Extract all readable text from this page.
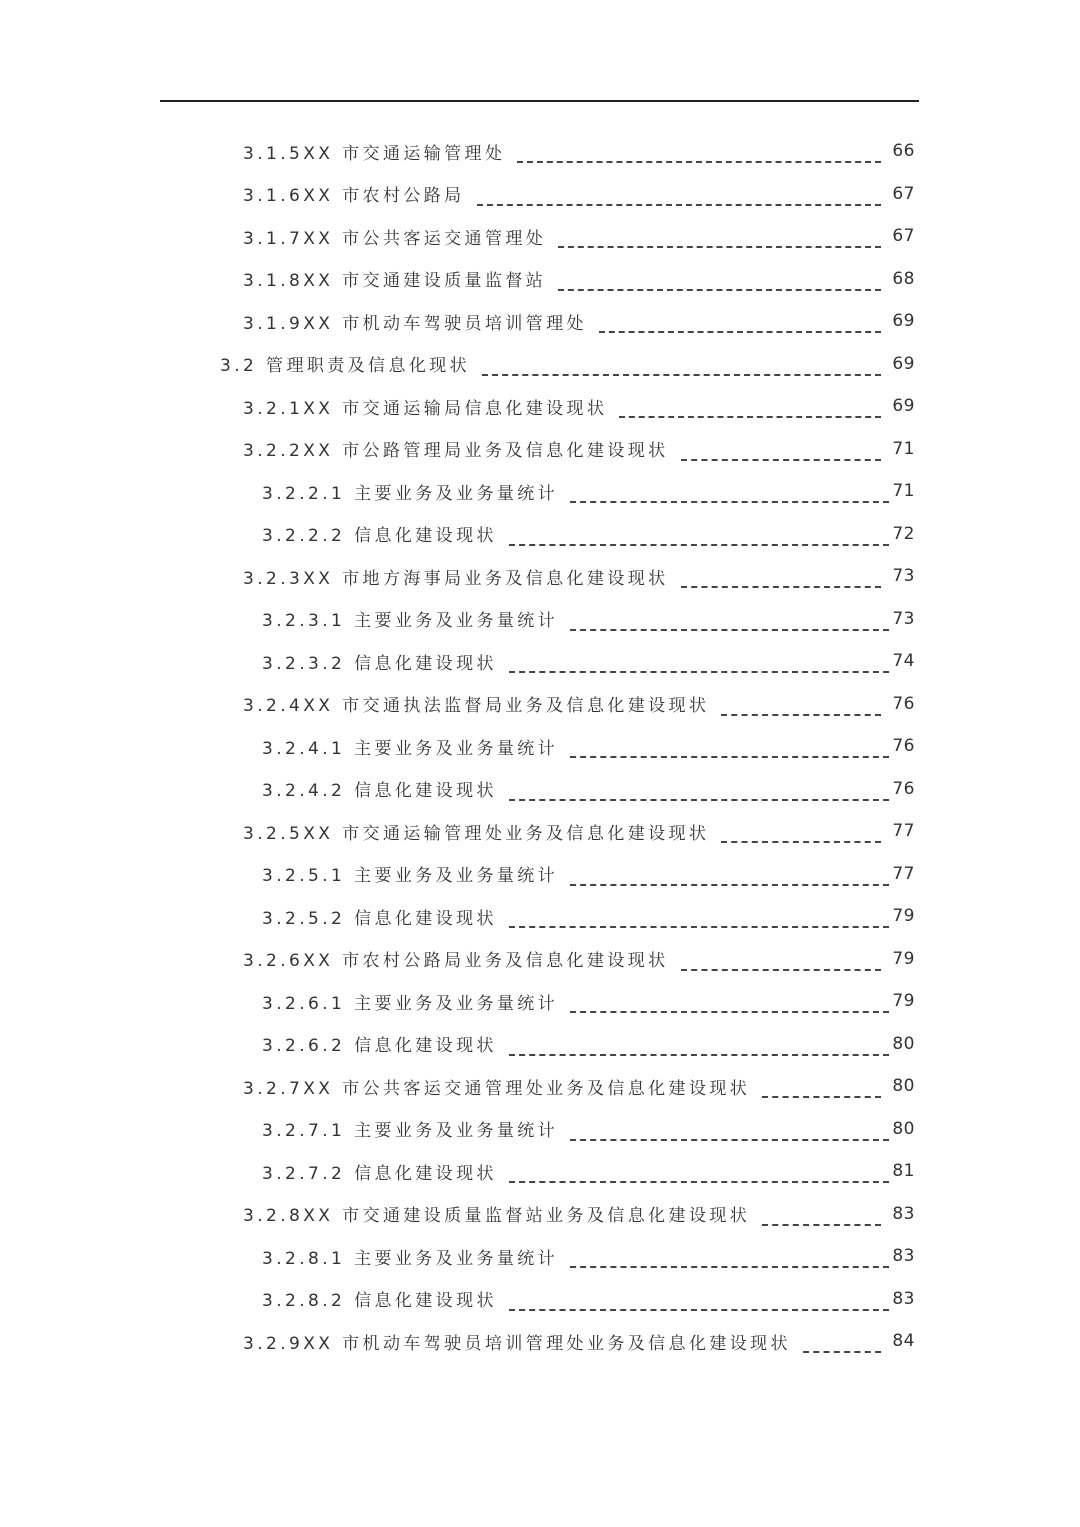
3.1.5XX 市交通运输管理处	66
3.1.6XX 市农村公路局	67
3.1.7XX 市公共客运交通管理处	67
3.1.8XX 市交通建设质量监督站	68
3.1.9XX 市机动车驾驶员培训管理处	69
3.2 管理职责及信息化现状	69
3.2.1XX 市交通运输局信息化建设现状	69
3.2.2XX 市公路管理局业务及信息化建设现状	71
3.2.2.1 主要业务及业务量统计	71
3.2.2.2 信息化建设现状	72
3.2.3XX 市地方海事局业务及信息化建设现状	73
3.2.3.1 主要业务及业务量统计	73
3.2.3.2 信息化建设现状	74
3.2.4XX 市交通执法监督局业务及信息化建设现状	76
3.2.4.1 主要业务及业务量统计	76
3.2.4.2 信息化建设现状	76
3.2.5XX 市交通运输管理处业务及信息化建设现状	77
3.2.5.1 主要业务及业务量统计	77
3.2.5.2 信息化建设现状	79
3.2.6XX 市农村公路局业务及信息化建设现状	79
3.2.6.1 主要业务及业务量统计	79
3.2.6.2 信息化建设现状	80
3.2.7XX 市公共客运交通管理处业务及信息化建设现状	80
3.2.7.1 主要业务及业务量统计	80
3.2.7.2 信息化建设现状	81
3.2.8XX 市交通建设质量监督站业务及信息化建设现状	83
3.2.8.1 主要业务及业务量统计	83
3.2.8.2 信息化建设现状	83
3.2.9XX 市机动车驾驶员培训管理处业务及信息化建设现状	84
